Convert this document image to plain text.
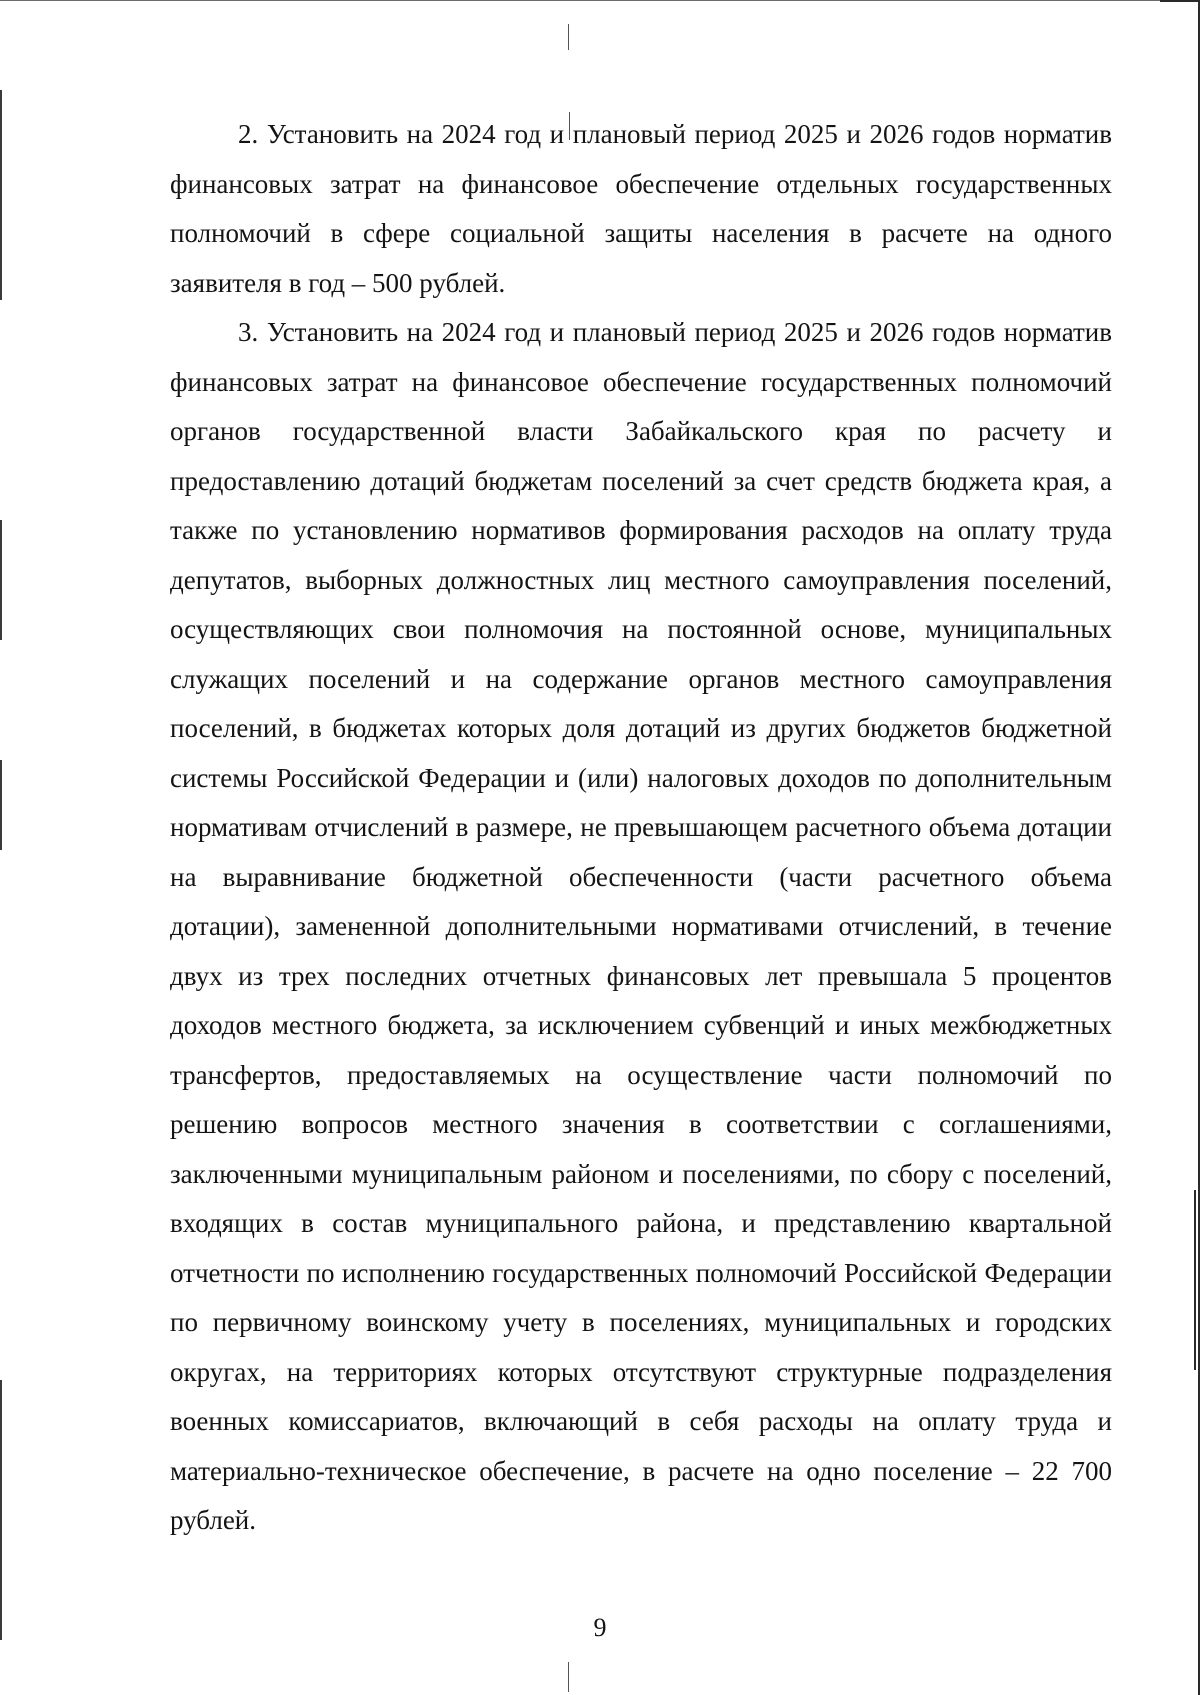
2. Установить на 2024 год и плановый период 2025 и 2026 годов норматив финансовых затрат на финансовое обеспечение отдельных государственных полномочий в сфере социальной защиты населения в расчете на одного заявителя в год – 500 рублей.

3. Установить на 2024 год и плановый период 2025 и 2026 годов норматив финансовых затрат на финансовое обеспечение государственных полномочий органов государственной власти Забайкальского края по расчету и предоставлению дотаций бюджетам поселений за счет средств бюджета края, а также по установлению нормативов формирования расходов на оплату труда депутатов, выборных должностных лиц местного самоуправления поселений, осуществляющих свои полномочия на постоянной основе, муниципальных служащих поселений и на содержание органов местного самоуправления поселений, в бюджетах которых доля дотаций из других бюджетов бюджетной системы Российской Федерации и (или) налоговых доходов по дополнительным нормативам отчислений в размере, не превышающем расчетного объема дотации на выравнивание бюджетной обеспеченности (части расчетного объема дотации), замененной дополнительными нормативами отчислений, в течение двух из трех последних отчетных финансовых лет превышала 5 процентов доходов местного бюджета, за исключением субвенций и иных межбюджетных трансфертов, предоставляемых на осуществление части полномочий по решению вопросов местного значения в соответствии с соглашениями, заключенными муниципальным районом и поселениями, по сбору с поселений, входящих в состав муниципального района, и представлению квартальной отчетности по исполнению государственных полномочий Российской Федерации по первичному воинскому учету в поселениях, муниципальных и городских округах, на территориях которых отсутствуют структурные подразделения военных комиссариатов, включающий в себя расходы на оплату труда и материально-техническое обеспечение, в расчете на одно поселение – 22 700 рублей.

9
